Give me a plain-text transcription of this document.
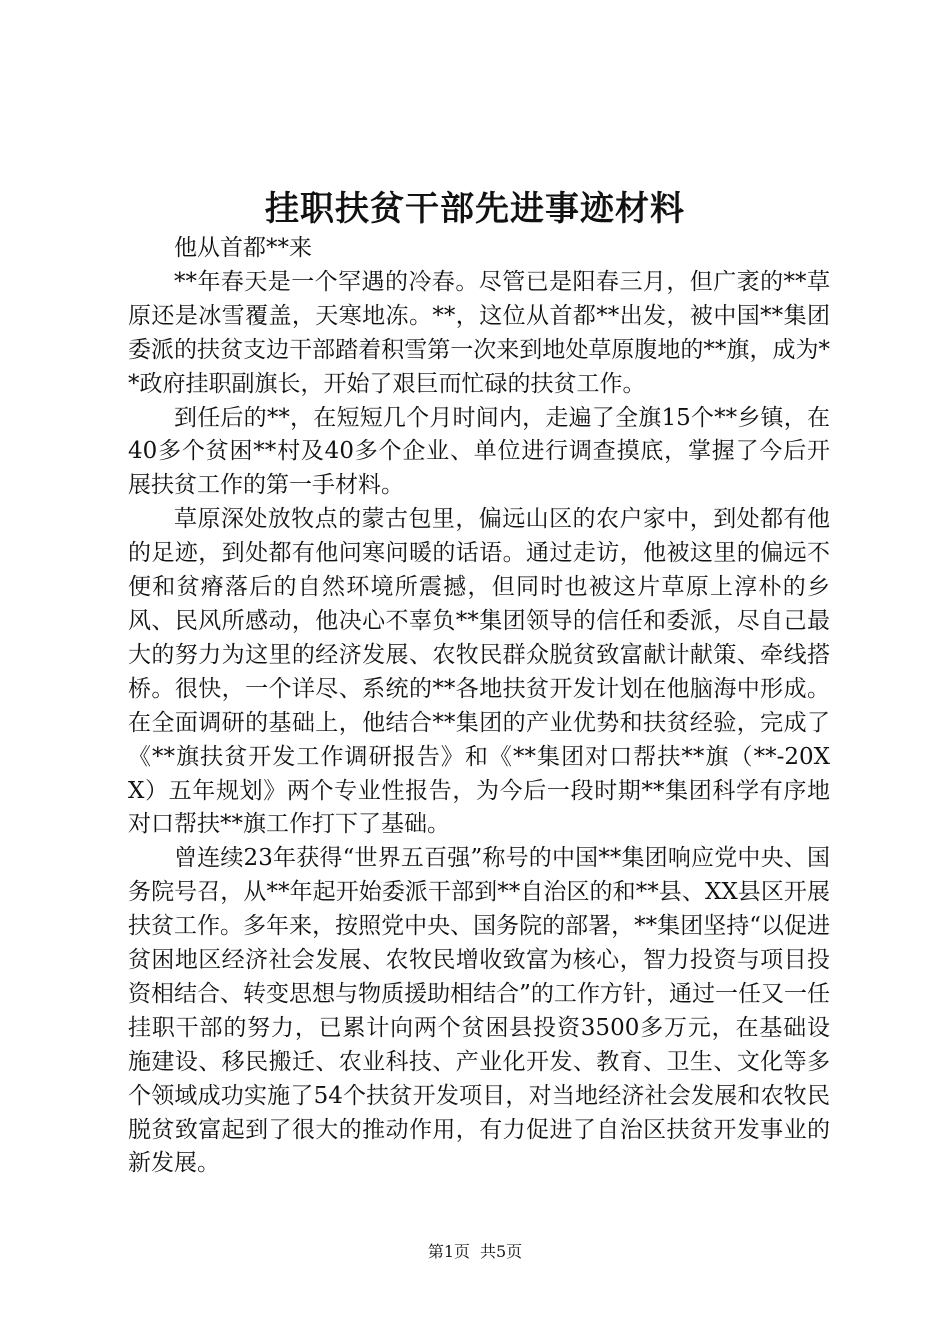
挂职扶贫干部先进事迹材料

他从首都**来

**年春天是一个罕遇的冷春。尽管已是阳春三月，但广袤的**草原还是冰雪覆盖，天寒地冻。**，这位从首都**出发，被中国**集团委派的扶贫支边干部踏着积雪第一次来到地处草原腹地的**旗，成为**政府挂职副旗长，开始了艰巨而忙碌的扶贫工作。

到任后的**，在短短几个月时间内，走遍了全旗15个**乡镇，在40多个贫困**村及40多个企业、单位进行调查摸底，掌握了今后开展扶贫工作的第一手材料。

草原深处放牧点的蒙古包里，偏远山区的农户家中，到处都有他的足迹，到处都有他问寒问暖的话语。通过走访，他被这里的偏远不便和贫瘠落后的自然环境所震撼，但同时也被这片草原上淳朴的乡风、民风所感动，他决心不辜负**集团领导的信任和委派，尽自己最大的努力为这里的经济发展、农牧民群众脱贫致富献计献策、牵线搭桥。很快，一个详尽、系统的**各地扶贫开发计划在他脑海中形成。在全面调研的基础上，他结合**集团的产业优势和扶贫经验，完成了《**旗扶贫开发工作调研报告》和《**集团对口帮扶**旗（**-20XX）五年规划》两个专业性报告，为今后一段时期**集团科学有序地对口帮扶**旗工作打下了基础。

曾连续23年获得“世界五百强”称号的中国**集团响应党中央、国务院号召，从**年起开始委派干部到**自治区的和**县、XX县区开展扶贫工作。多年来，按照党中央、国务院的部署，**集团坚持“以促进贫困地区经济社会发展、农牧民增收致富为核心，智力投资与项目投资相结合、转变思想与物质援助相结合”的工作方针，通过一任又一任挂职干部的努力，已累计向两个贫困县投资3500多万元，在基础设施建设、移民搬迁、农业科技、产业化开发、教育、卫生、文化等多个领域成功实施了54个扶贫开发项目，对当地经济社会发展和农牧民脱贫致富起到了很大的推动作用，有力促进了自治区扶贫开发事业的新发展。

第1页 共5页
